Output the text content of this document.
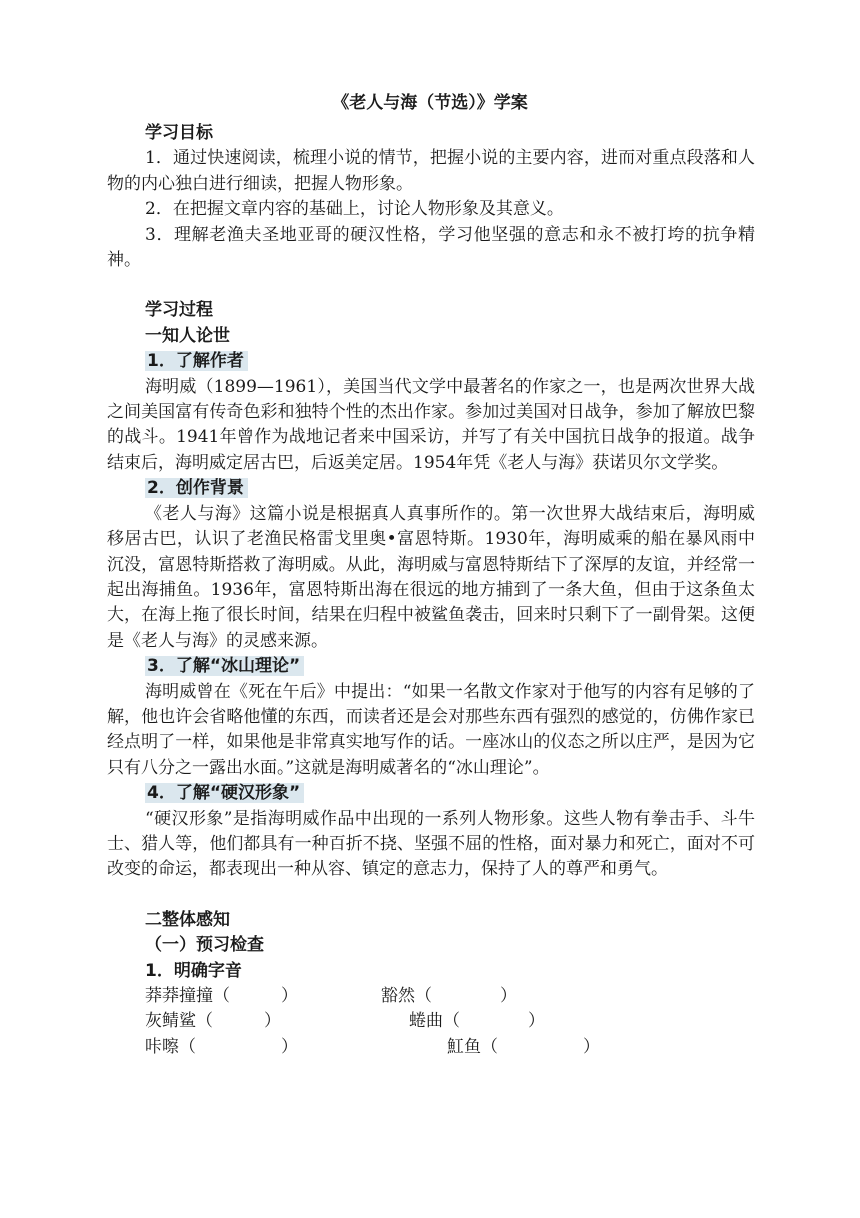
《老人与海（节选）》学案
学习目标

1．通过快速阅读，梳理小说的情节，把握小说的主要内容，进而对重点段落和人物的内心独白进行细读，把握人物形象。

2．在把握文章内容的基础上，讨论人物形象及其意义。

3．理解老渔夫圣地亚哥的硬汉性格，学习他坚强的意志和永不被打垮的抗争精神。

学习过程
一知人论世
1．了解作者

海明威（1899—1961），美国当代文学中最著名的作家之一，也是两次世界大战之间美国富有传奇色彩和独特个性的杰出作家。参加过美国对日战争，参加了解放巴黎的战斗。1941年曾作为战地记者来中国采访，并写了有关中国抗日战争的报道。战争结束后，海明威定居古巴，后返美定居。1954年凭《老人与海》获诺贝尔文学奖。

2．创作背景

《老人与海》这篇小说是根据真人真事所作的。第一次世界大战结束后，海明威移居古巴，认识了老渔民格雷戈里奥•富恩特斯。1930年，海明威乘的船在暴风雨中沉没，富恩特斯搭救了海明威。从此，海明威与富恩特斯结下了深厚的友谊，并经常一起出海捕鱼。1936年，富恩特斯出海在很远的地方捕到了一条大鱼，但由于这条鱼太大，在海上拖了很长时间，结果在归程中被鲨鱼袭击，回来时只剩下了一副骨架。这便是《老人与海》的灵感来源。

3．了解“冰山理论”

海明威曾在《死在午后》中提出：“如果一名散文作家对于他写的内容有足够的了解，他也许会省略他懂的东西，而读者还是会对那些东西有强烈的感觉的，仿佛作家已经点明了一样，如果他是非常真实地写作的话。一座冰山的仪态之所以庄严，是因为它只有八分之一露出水面。”这就是海明威著名的“冰山理论”。

4．了解“硬汉形象”

“硬汉形象”是指海明威作品中出现的一系列人物形象。这些人物有拳击手、斗牛士、猎人等，他们都具有一种百折不挠、坚强不屈的性格，面对暴力和死亡，面对不可改变的命运，都表现出一种从容、镇定的意志力，保持了人的尊严和勇气。

二整体感知
（一）预习检查
1．明确字音
莽莽撞撞（　　　）	豁然（　　　　）
灰鲭鲨（　　　）	蜷曲（　　　　）
咔嚓（　　　　　）	魟鱼（　　　　　）
